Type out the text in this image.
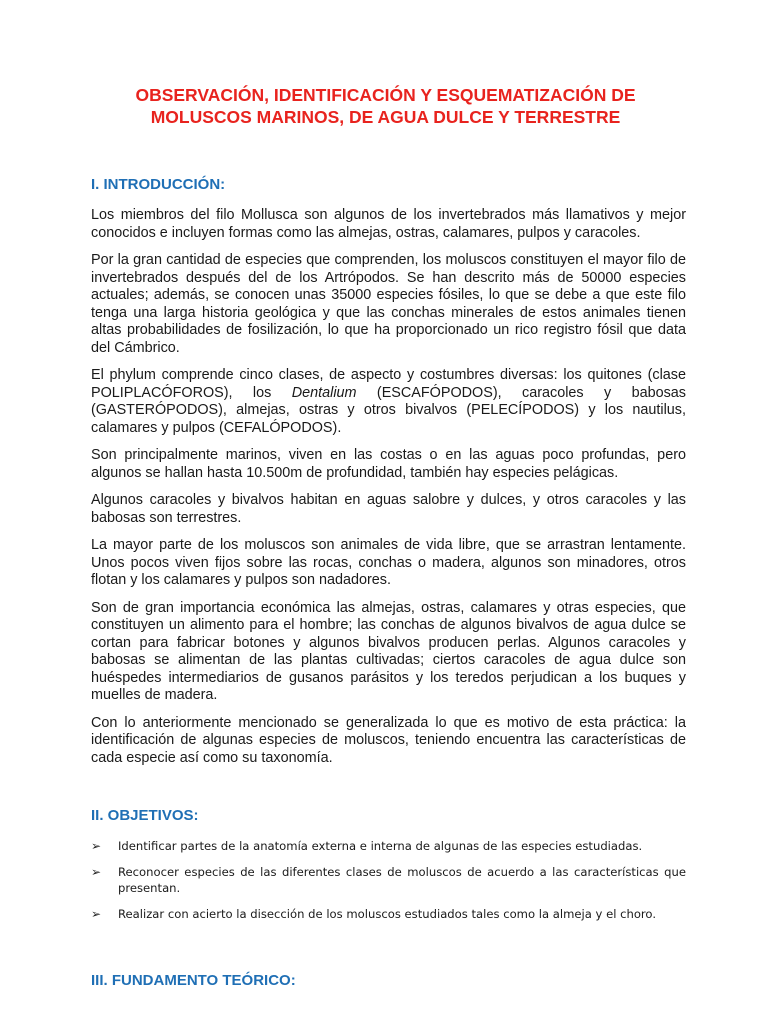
OBSERVACIÓN, IDENTIFICACIÓN Y ESQUEMATIZACIÓN DE
MOLUSCOS MARINOS, DE AGUA DULCE Y TERRESTRE
I. INTRODUCCIÓN:

Los miembros del filo Mollusca son algunos de los invertebrados más llamativos y mejor conocidos e incluyen formas como las almejas, ostras, calamares, pulpos y caracoles.

Por la gran cantidad de especies que comprenden, los moluscos constituyen el mayor filo de invertebrados después del de los Artrópodos. Se han descrito más de 50000 especies actuales; además, se conocen unas 35000 especies fósiles, lo que se debe a que este filo tenga una larga historia geológica y que las conchas minerales de estos animales tienen altas probabilidades de fosilización, lo que ha proporcionado un rico registro fósil que data del Cámbrico.

El phylum comprende cinco clases, de aspecto y costumbres diversas: los quitones (clase POLIPLACÓFOROS), los Dentalium (ESCAFÓPODOS), caracoles y babosas (GASTERÓPODOS), almejas, ostras y otros bivalvos (PELECÍPODOS) y los nautilus, calamares y pulpos (CEFALÓPODOS).

Son principalmente marinos, viven en las costas o en las aguas poco profundas, pero algunos se hallan hasta 10.500m de profundidad, también hay especies pelágicas.

Algunos caracoles y bivalvos habitan en aguas salobre y dulces, y otros caracoles y las babosas son terrestres.

La mayor parte de los moluscos son animales de vida libre, que se arrastran lentamente. Unos pocos viven fijos sobre las rocas, conchas o madera, algunos son minadores, otros flotan y los calamares y pulpos son nadadores.

Son de gran importancia económica las almejas, ostras, calamares y otras especies, que constituyen un alimento para el hombre; las conchas de algunos bivalvos de agua dulce se cortan para fabricar botones y algunos bivalvos producen perlas. Algunos caracoles y babosas se alimentan de las plantas cultivadas; ciertos caracoles de agua dulce son huéspedes intermediarios de gusanos parásitos y los teredos perjudican a los buques y muelles de madera.

Con lo anteriormente mencionado se generalizada lo que es motivo de esta práctica: la identificación de algunas especies de moluscos, teniendo encuentra las características de cada especie así como su taxonomía.

II. OBJETIVOS:
➢ Identificar partes de la anatomía externa e interna de algunas de las especies estudiadas.
➢ Reconocer especies de las diferentes clases de moluscos de acuerdo a las características que presentan.
➢ Realizar con acierto la disección de los moluscos estudiados tales como la almeja y el choro.
III. FUNDAMENTO TEÓRICO:
